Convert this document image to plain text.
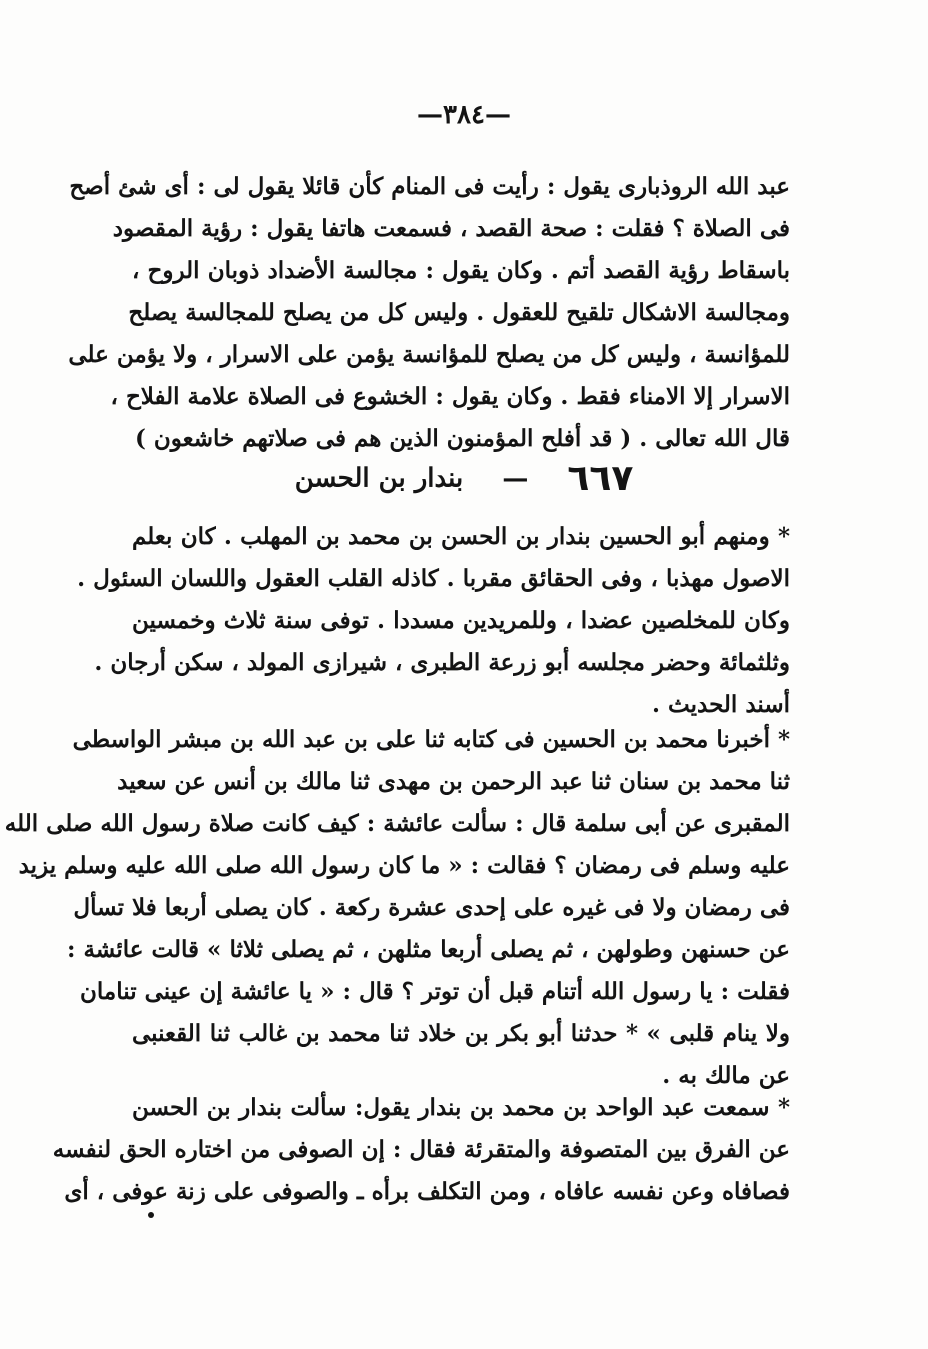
—٣٨٤—
عبد الله الروذبارى يقول : رأيت فى المنام كأن قائلا يقول لى : أى شئ أصح
فى الصلاة ؟ فقلت : صحة القصد ، فسمعت هاتفا يقول : رؤية المقصود
باسقاط رؤية القصد أتم . وكان يقول : مجالسة الأضداد ذوبان الروح ،
ومجالسة الاشكال تلقيح للعقول . وليس كل من يصلح للمجالسة يصلح
للمؤانسة ، وليس كل من يصلح للمؤانسة يؤمن على الاسرار ، ولا يؤمن على
الاسرار إلا الامناء فقط . وكان يقول : الخشوع فى الصلاة علامة الفلاح ،
قال الله تعالى . ( قد أفلح المؤمنون الذين هم فى صلاتهم خاشعون )
٦٦٧ — بندار بن الحسن
* ومنهم أبو الحسين بندار بن الحسن بن محمد بن المهلب . كان بعلم
الاصول مهذبا ، وفى الحقائق مقربا . كاذله القلب العقول واللسان السئول .
وكان للمخلصين عضدا ، وللمريدين مسددا . توفى سنة ثلاث وخمسين
وثلثمائة وحضر مجلسه أبو زرعة الطبرى ، شيرازى المولد ، سكن أرجان .
أسند الحديث .
* أخبرنا محمد بن الحسين فى كتابه ثنا على بن عبد الله بن مبشر الواسطى
ثنا محمد بن سنان ثنا عبد الرحمن بن مهدى ثنا مالك بن أنس عن سعيد
المقبرى عن أبى سلمة قال : سألت عائشة : كيف كانت صلاة رسول الله صلى الله
عليه وسلم فى رمضان ؟ فقالت : « ما كان رسول الله صلى الله عليه وسلم يزيد
فى رمضان ولا فى غيره على إحدى عشرة ركعة . كان يصلى أربعا فلا تسأل
عن حسنهن وطولهن ، ثم يصلى أربعا مثلهن ، ثم يصلى ثلاثا » قالت عائشة :
فقلت : يا رسول الله أتنام قبل أن توتر ؟ قال : « يا عائشة إن عينى تنامان
ولا ينام قلبى » * حدثنا أبو بكر بن خلاد ثنا محمد بن غالب ثنا القعنبى
عن مالك به .
* سمعت عبد الواحد بن محمد بن بندار يقول: سألت بندار بن الحسن
عن الفرق بين المتصوفة والمتقرئة فقال : إن الصوفى من اختاره الحق لنفسه
فصافاه وعن نفسه عافاه ، ومن التكلف برأه ـ والصوفى على زنة عوفى ، أى
